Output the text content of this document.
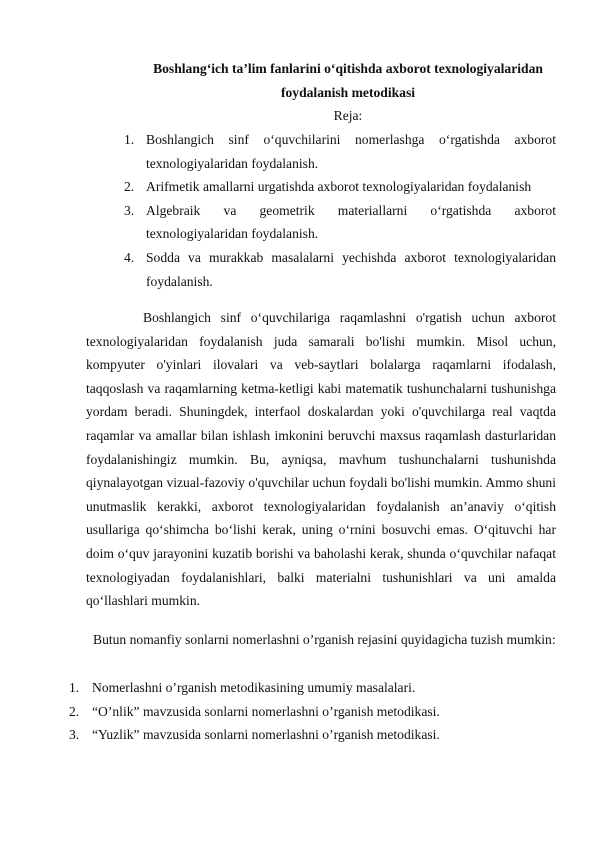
Boshlang‘ich ta’lim fanlarini o‘qitishda axborot texnologiyalaridan
foydalanish metodikasi
Reja:
1. Boshlangich sinf o‘quvchilarini nomerlashga o‘rgatishda axborot texnologiyalaridan foydalanish.
2. Arifmetik amallarni urgatishda axborot texnologiyalaridan foydalanish
3. Algebraik va geometrik materiallarni o‘rgatishda axborot texnologiyalaridan foydalanish.
4. Sodda va murakkab masalalarni yechishda axborot texnologiyalaridan foydalanish.

Boshlangich sinf o‘quvchilariga raqamlashni o'rgatish uchun axborot texnologiyalaridan foydalanish juda samarali bo'lishi mumkin. Misol uchun, kompyuter o'yinlari ilovalari va veb-saytlari bolalarga raqamlarni ifodalash, taqqoslash va raqamlarning ketma-ketligi kabi matematik tushunchalarni tushunishga yordam beradi. Shuningdek, interfaol doskalardan yoki o'quvchilarga real vaqtda raqamlar va amallar bilan ishlash imkonini beruvchi maxsus raqamlash dasturlaridan foydalanishingiz mumkin. Bu, ayniqsa, mavhum tushunchalarni tushunishda qiynalayotgan vizual-fazoviy o'quvchilar uchun foydali bo'lishi mumkin. Ammo shuni unutmaslik kerakki, axborot texnologiyalaridan foydalanish an’anaviy o‘qitish usullariga qo‘shimcha bo‘lishi kerak, uning o‘rnini bosuvchi emas. O‘qituvchi har doim o‘quv jarayonini kuzatib borishi va baholashi kerak, shunda o‘quvchilar nafaqat texnologiyadan foydalanishlari, balki materialni tushunishlari va uni amalda qo‘llashlari mumkin.

Butun nomanfiy sonlarni nomerlashni o’rganish rejasini quyidagicha tuzish mumkin:

1. Nomerlashni o’rganish metodikasining umumiy masalalari.
2. “O’nlik” mavzusida sonlarni nomerlashni o’rganish metodikasi.
3. “Yuzlik” mavzusida sonlarni nomerlashni o’rganish metodikasi.
